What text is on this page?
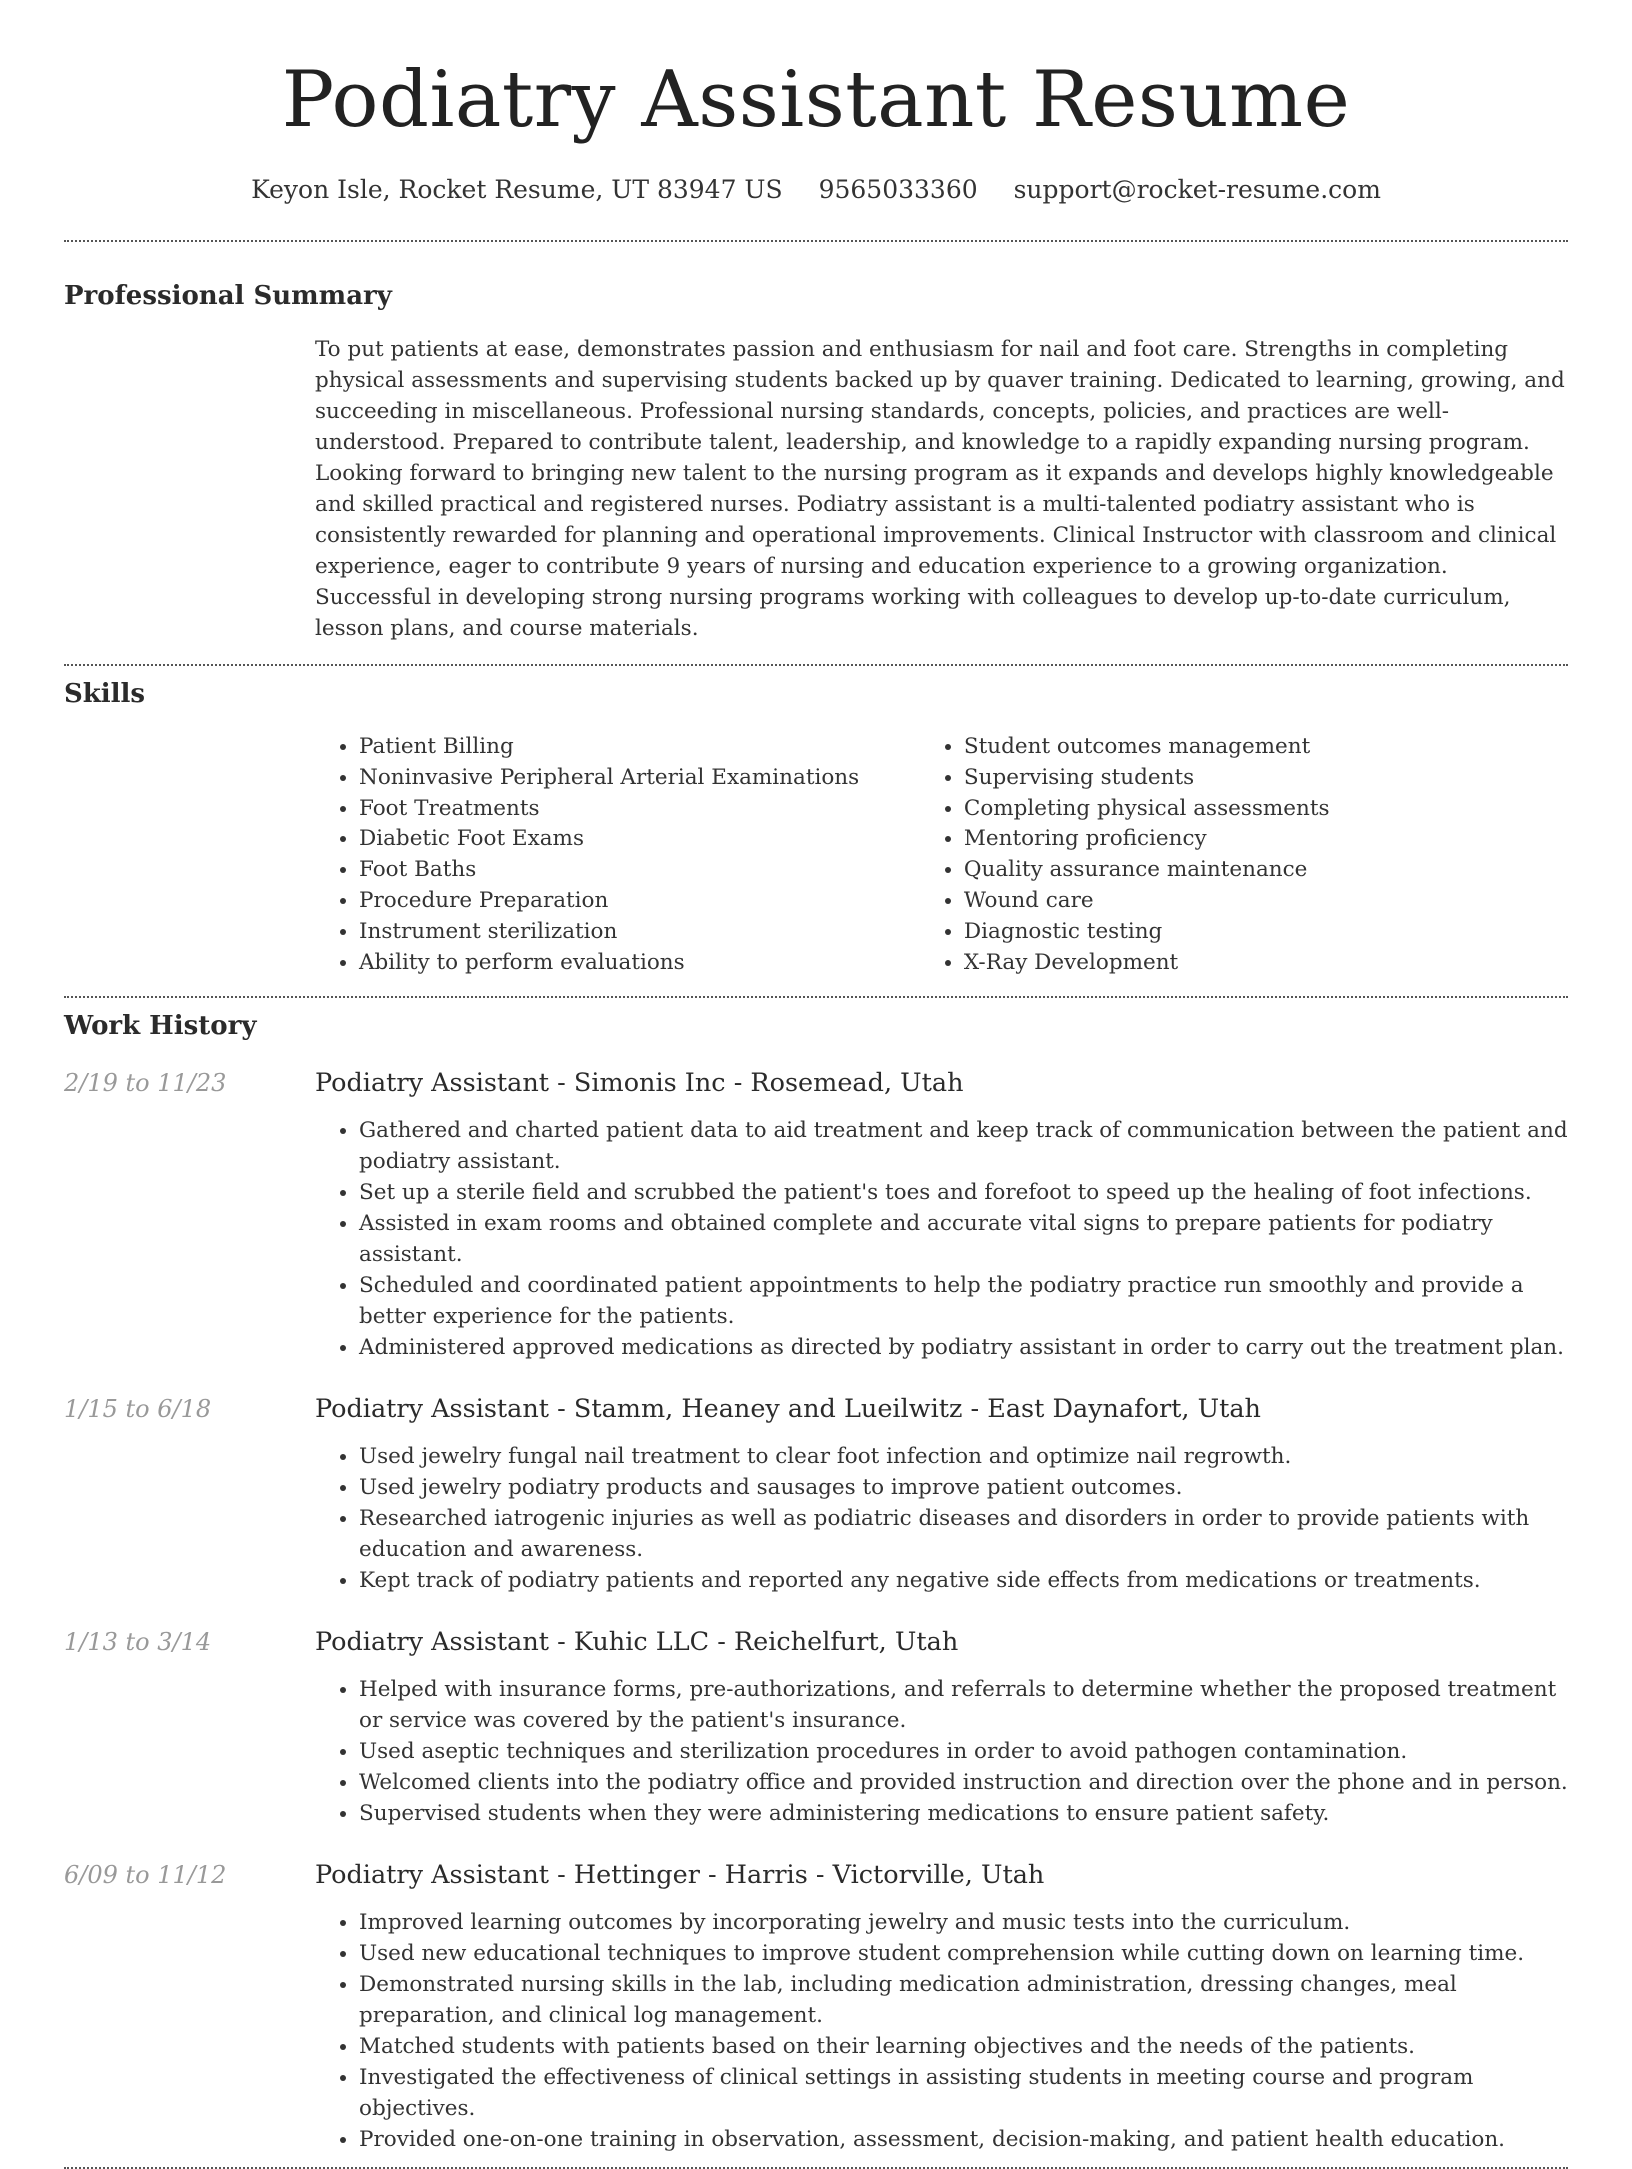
Podiatry Assistant Resume
Keyon Isle, Rocket Resume, UT 83947 US 9565033360 support@rocket-resume.com
Professional Summary

To put patients at ease, demonstrates passion and enthusiasm for nail and foot care. Strengths in completing physical assessments and supervising students backed up by quaver training. Dedicated to learning, growing, and succeeding in miscellaneous. Professional nursing standards, concepts, policies, and practices are well-understood. Prepared to contribute talent, leadership, and knowledge to a rapidly expanding nursing program. Looking forward to bringing new talent to the nursing program as it expands and develops highly knowledgeable and skilled practical and registered nurses. Podiatry assistant is a multi-talented podiatry assistant who is consistently rewarded for planning and operational improvements. Clinical Instructor with classroom and clinical experience, eager to contribute 9 years of nursing and education experience to a growing organization. Successful in developing strong nursing programs working with colleagues to develop up-to-date curriculum, lesson plans, and course materials.

Skills
• Patient Billing
• Noninvasive Peripheral Arterial Examinations
• Foot Treatments
• Diabetic Foot Exams
• Foot Baths
• Procedure Preparation
• Instrument sterilization
• Ability to perform evaluations
• Student outcomes management
• Supervising students
• Completing physical assessments
• Mentoring proficiency
• Quality assurance maintenance
• Wound care
• Diagnostic testing
• X-Ray Development
Work History
2/19 to 11/23	Podiatry Assistant - Simonis Inc - Rosemead, Utah
• Gathered and charted patient data to aid treatment and keep track of communication between the patient and podiatry assistant.
• Set up a sterile field and scrubbed the patient's toes and forefoot to speed up the healing of foot infections.
• Assisted in exam rooms and obtained complete and accurate vital signs to prepare patients for podiatry assistant.
• Scheduled and coordinated patient appointments to help the podiatry practice run smoothly and provide a better experience for the patients.
• Administered approved medications as directed by podiatry assistant in order to carry out the treatment plan.
1/15 to 6/18	Podiatry Assistant - Stamm, Heaney and Lueilwitz - East Daynafort, Utah
• Used jewelry fungal nail treatment to clear foot infection and optimize nail regrowth.
• Used jewelry podiatry products and sausages to improve patient outcomes.
• Researched iatrogenic injuries as well as podiatric diseases and disorders in order to provide patients with education and awareness.
• Kept track of podiatry patients and reported any negative side effects from medications or treatments.
1/13 to 3/14	Podiatry Assistant - Kuhic LLC - Reichelfurt, Utah
• Helped with insurance forms, pre-authorizations, and referrals to determine whether the proposed treatment or service was covered by the patient's insurance.
• Used aseptic techniques and sterilization procedures in order to avoid pathogen contamination.
• Welcomed clients into the podiatry office and provided instruction and direction over the phone and in person.
• Supervised students when they were administering medications to ensure patient safety.
6/09 to 11/12	Podiatry Assistant - Hettinger - Harris - Victorville, Utah
• Improved learning outcomes by incorporating jewelry and music tests into the curriculum.
• Used new educational techniques to improve student comprehension while cutting down on learning time.
• Demonstrated nursing skills in the lab, including medication administration, dressing changes, meal preparation, and clinical log management.
• Matched students with patients based on their learning objectives and the needs of the patients.
• Investigated the effectiveness of clinical settings in assisting students in meeting course and program objectives.
• Provided one-on-one training in observation, assessment, decision-making, and patient health education.
